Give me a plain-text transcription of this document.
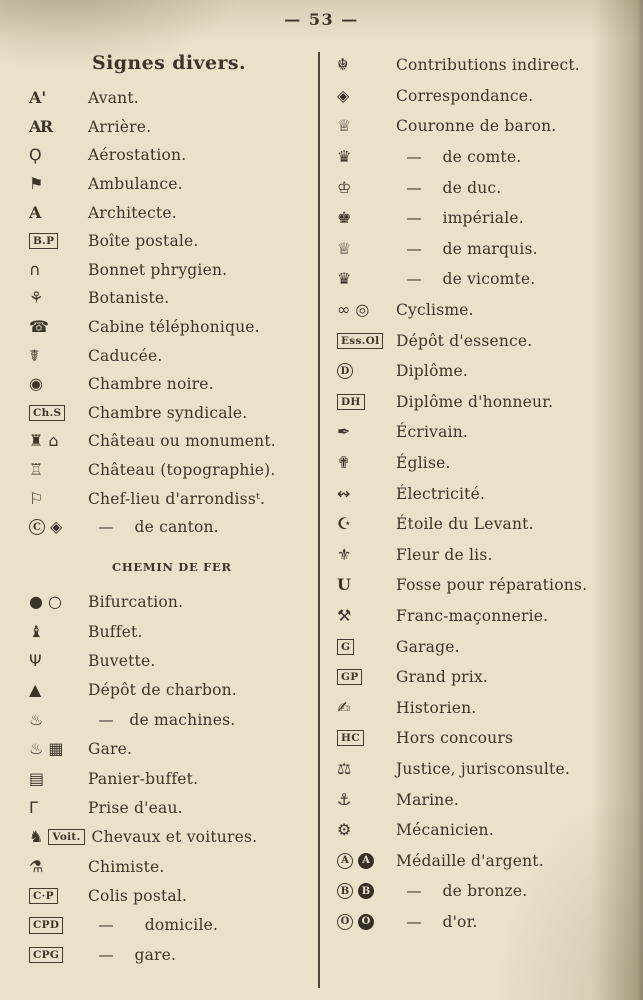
— 53 —
Signes divers.
A'	Avant.
AR Arrière.
Ϙ	Aérostation.
⚑	Ambulance.
A	Architecte.
B.P Boîte postale.
∩	Bonnet phrygien.
⚘	Botaniste.
☎	Cabine téléphonique.
☤	Caducée.
◉	Chambre noire.
Ch.S Chambre syndicale.
♜ ⌂ Château ou monument.
♖	Château (topographie).
⚐	Chef-lieu d'arrondissᵗ.
C ◈ —    de canton.
CHEMIN DE FER
● ○ Bifurcation.
♝	Buffet.
Ψ	Buvette.
▲	Dépôt de charbon.
♨	—   de machines.
♨ ▦ Gare.
▤	Panier-buffet.
Γ	Prise d'eau.
♞ Voit. Chevaux et voitures.
⚗	Chimiste.
C·P Colis postal.
CPD —      domicile.
CPG —    gare.
☬	Contributions indirect.
◈	Correspondance.
♕	Couronne de baron.
♛	—    de comte.
♔	—    de duc.
♚	—    impériale.
♕	—    de marquis.
♛	—    de vicomte.
∞ ◎ Cyclisme.
Ess.Ol Dépôt d'essence.
D	Diplôme.
DH Diplôme d'honneur.
✒	Écrivain.
✟	Église.
↭	Électricité.
☪	Étoile du Levant.
⚜	Fleur de lis.
U	Fosse pour réparations.
⚒	Franc-maçonnerie.
G	Garage.
GP Grand prix.
✍	Historien.
HC Hors concours
⚖	Justice, jurisconsulte.
⚓	Marine.
⚙	Mécanicien.
A	A Médaille d'argent.
B	B —    de bronze.
O	O —    d'or.
